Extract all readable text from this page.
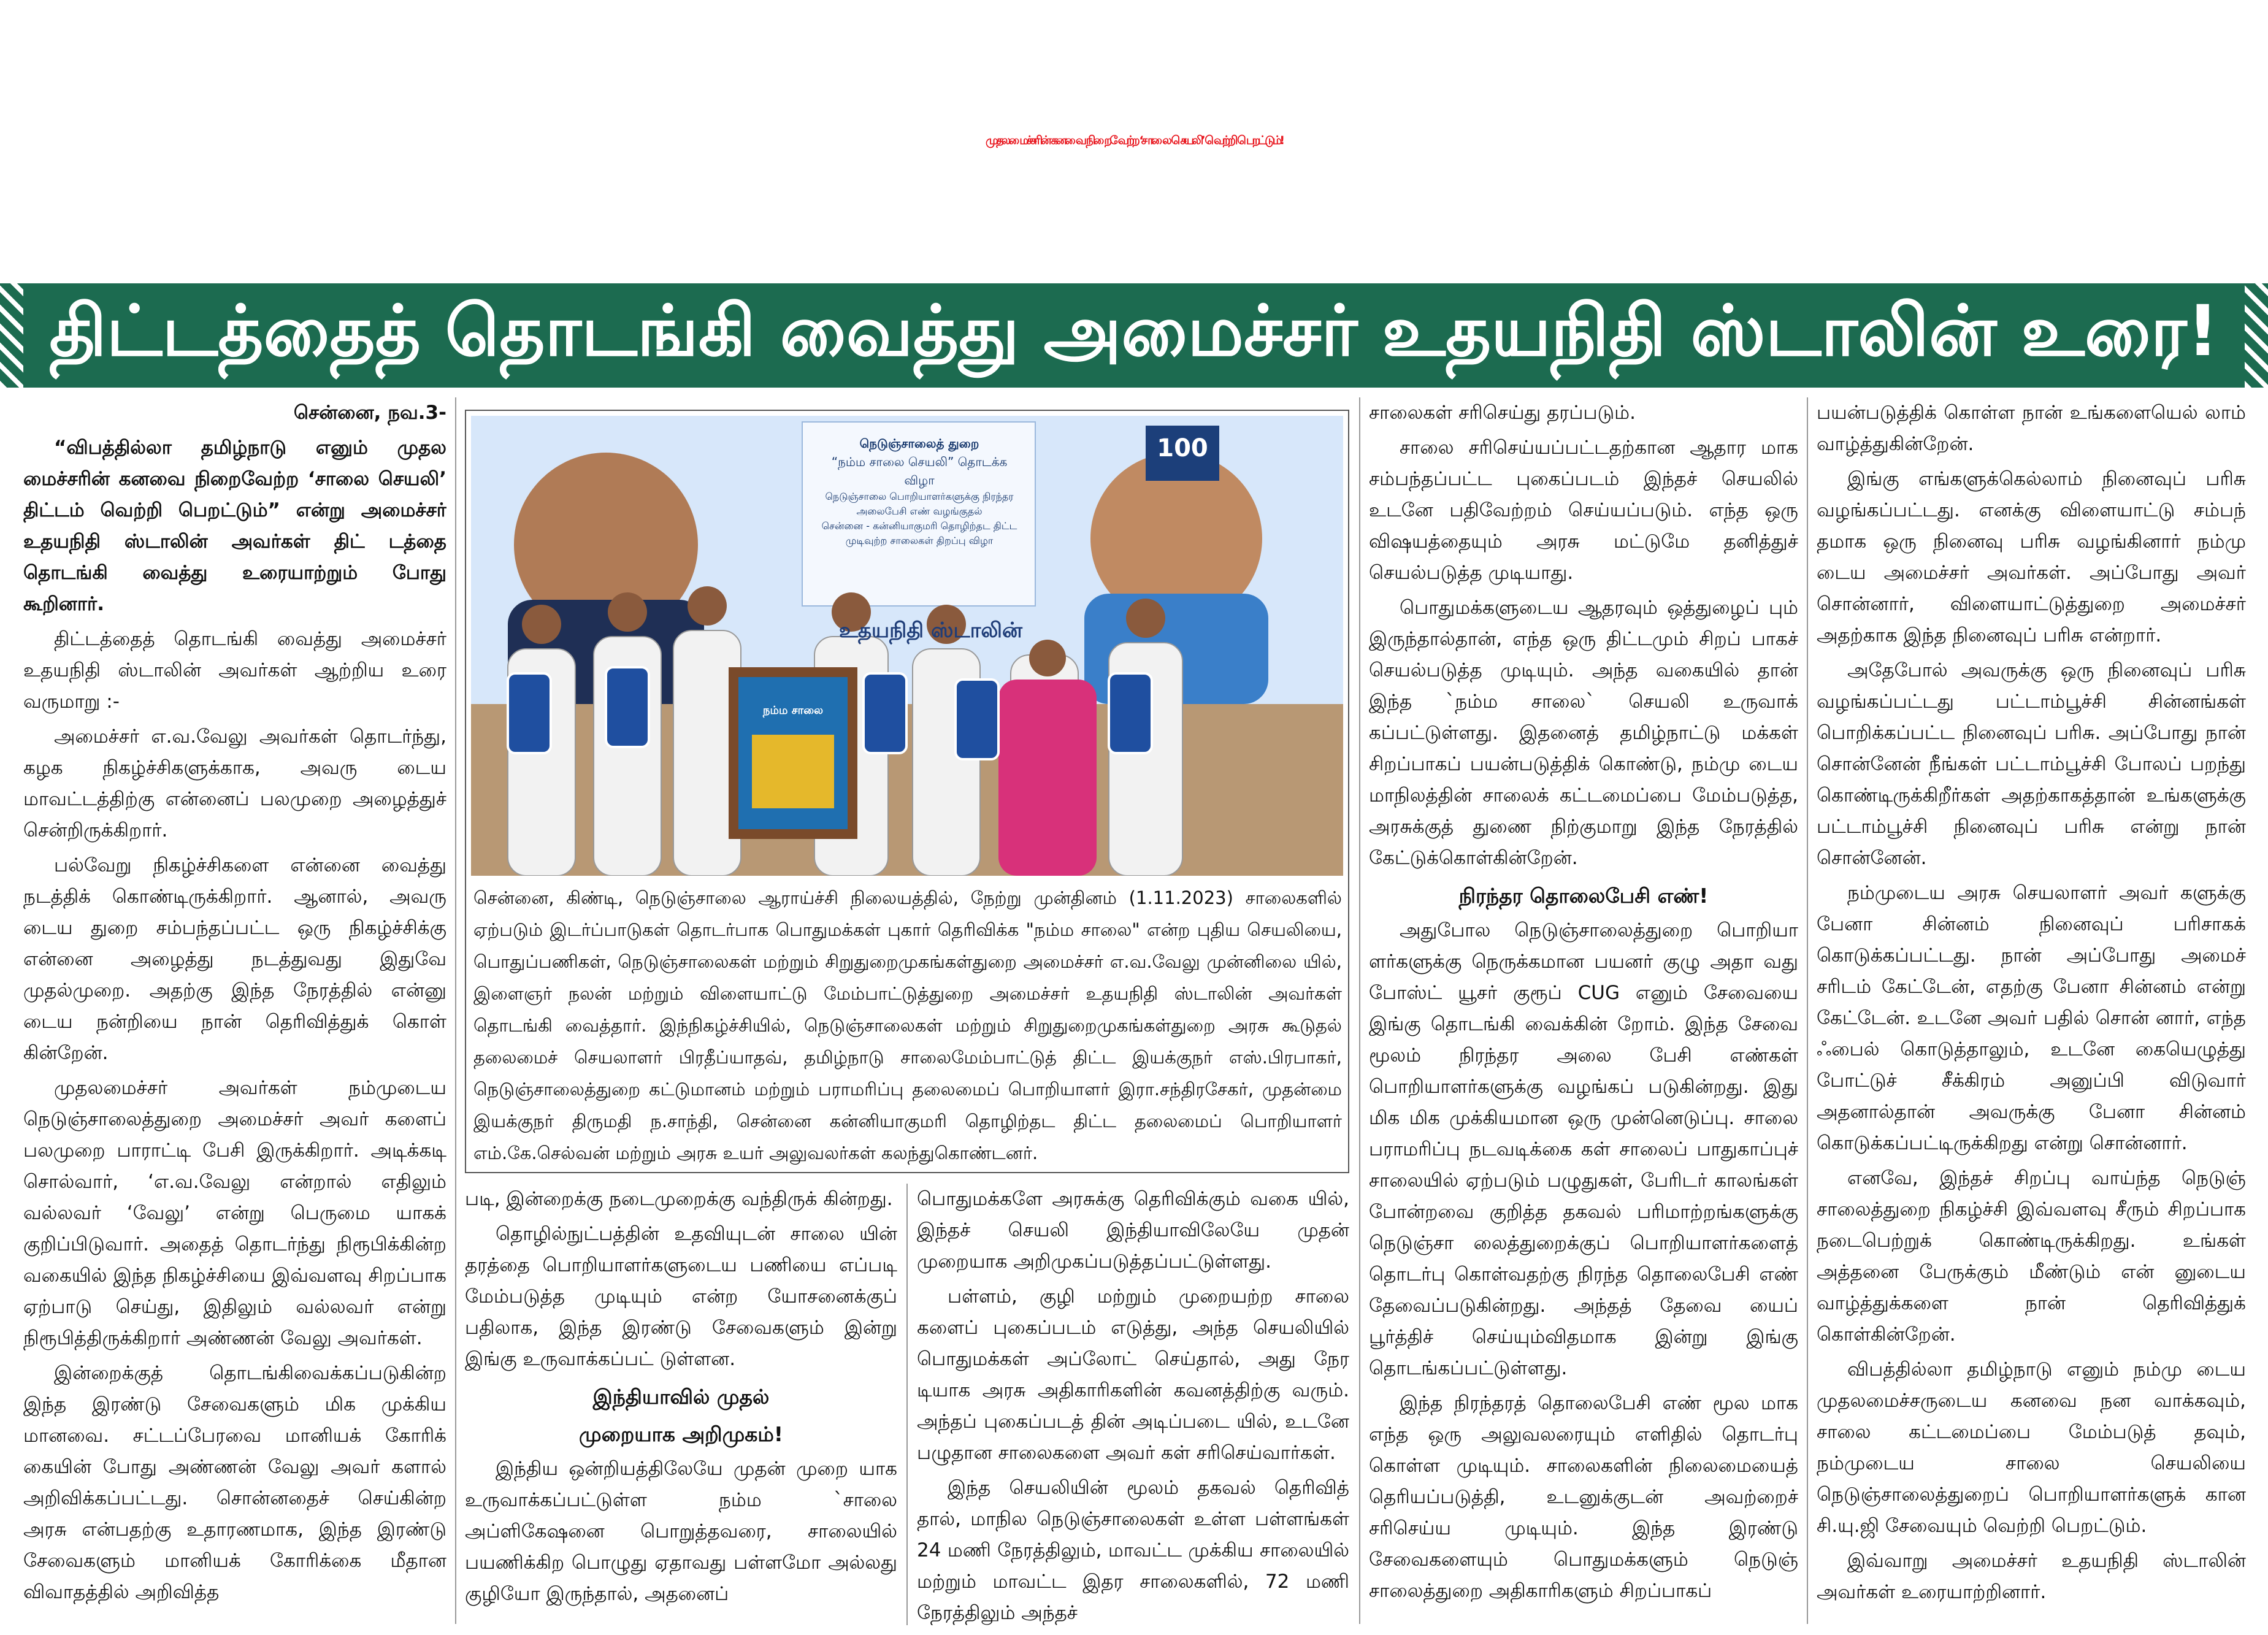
முதலமைச்சரின் கனவை நிறைவேற்ற ‘சாலை செயலி’ வெற்றி பெறட்டும்!
திட்டத்தைத் தொடங்கி வைத்து அமைச்சர் உதயநிதி ஸ்டாலின் உரை!

சென்னை, நவ.3-

“விபத்தில்லா தமிழ்நாடு எனும் முதல மைச்சரின் கனவை நிறைவேற்ற ‘சாலை செயலி’ திட்டம் வெற்றி பெறட்டும்” என்று அமைச்சர் உதயநிதி ஸ்டாலின் அவர்கள் திட் டத்தை தொடங்கி வைத்து உரையாற்றும் போது கூறினார்.

திட்டத்தைத் தொடங்கி வைத்து அமைச்சர் உதயநிதி ஸ்டாலின் அவர்கள் ஆற்றிய உரை வருமாறு :-

அமைச்சர் எ.வ.வேலு அவர்கள் தொடர்ந்து, கழக நிகழ்ச்சிகளுக்காக, அவரு டைய மாவட்டத்திற்கு என்னைப் பலமுறை அழைத்துச் சென்றிருக்கிறார்.

பல்வேறு நிகழ்ச்சிகளை என்னை வைத்து நடத்திக் கொண்டிருக்கிறார். ஆனால், அவரு டைய துறை சம்பந்தப்பட்ட ஒரு நிகழ்ச்சிக்கு என்னை அழைத்து நடத்துவது இதுவே முதல்முறை. அதற்கு இந்த நேரத்தில் என்னு டைய நன்றியை நான் தெரிவித்துக் கொள் கின்றேன்.

முதலமைச்சர் அவர்கள் நம்முடைய நெடுஞ்சாலைத்துறை அமைச்சர் அவர் களைப் பலமுறை பாராட்டி பேசி இருக்கிறார். அடிக்கடி சொல்வார், ‘எ.வ.வேலு என்றால் எதிலும் வல்லவர் ‘வேலு’ என்று பெருமை யாகக் குறிப்பிடுவார். அதைத் தொடர்ந்து நிரூபிக்கின்ற வகையில் இந்த நிகழ்ச்சியை இவ்வளவு சிறப்பாக ஏற்பாடு செய்து, இதிலும் வல்லவர் என்று நிரூபித்திருக்கிறார் அண்ணன் வேலு அவர்கள்.

இன்றைக்குத் தொடங்கிவைக்கப்படுகின்ற இந்த இரண்டு சேவைகளும் மிக முக்கிய மானவை. சட்டப்பேரவை மானியக் கோரிக் கையின் போது அண்ணன் வேலு அவர் களால் அறிவிக்கப்பட்டது. சொன்னதைச் செய்கின்ற அரசு என்பதற்கு உதாரணமாக, இந்த இரண்டு சேவைகளும் மானியக் கோரிக்கை மீதான விவாதத்தில் அறிவித்த

நெடுஞ்சாலைத் துறை
“நம்ம சாலை செயலி” தொடக்க விழா
நெடுஞ்சாலை பொறியாளர்களுக்கு நிரந்தர அலைபேசி எண் வழங்குதல்
சென்னை - கன்னியாகுமரி தொழிற்தட திட்ட முடிவுற்ற சாலைகள் திறப்பு விழா
உதயநிதி ஸ்டாலின்
100
நம்ம சாலை
சென்னை, கிண்டி, நெடுஞ்சாலை ஆராய்ச்சி நிலையத்தில், நேற்று முன்தினம் (1.11.2023) சாலைகளில் ஏற்படும் இடர்ப்பாடுகள் தொடர்பாக பொதுமக்கள் புகார் தெரிவிக்க "நம்ம சாலை" என்ற புதிய செயலியை, பொதுப்பணிகள், நெடுஞ்சாலைகள் மற்றும் சிறுதுறைமுகங்கள்துறை அமைச்சர் எ.வ.வேலு முன்னிலை யில், இளைஞர் நலன் மற்றும் விளையாட்டு மேம்பாட்டுத்துறை அமைச்சர் உதயநிதி ஸ்டாலின் அவர்கள் தொடங்கி வைத்தார். இந்நிகழ்ச்சியில், நெடுஞ்சாலைகள் மற்றும் சிறுதுறைமுகங்கள்துறை அரசு கூடுதல் தலைமைச் செயலாளர் பிரதீப்யாதவ், தமிழ்நாடு சாலைமேம்பாட்டுத் திட்ட இயக்குநர் எஸ்.பிரபாகர், நெடுஞ்சாலைத்துறை கட்டுமானம் மற்றும் பராமரிப்பு தலைமைப் பொறியாளர் இரா.சந்திரசேகர், முதன்மை இயக்குநர் திருமதி ந.சாந்தி, சென்னை கன்னியாகுமரி தொழிற்தட திட்ட தலைமைப் பொறியாளர் எம்.கே.செல்வன் மற்றும் அரசு உயர் அலுவலர்கள் கலந்துகொண்டனர்.

படி, இன்றைக்கு நடைமுறைக்கு வந்திருக் கின்றது.

தொழில்நுட்பத்தின் உதவியுடன் சாலை யின் தரத்தை பொறியாளர்களுடைய பணியை எப்படி மேம்படுத்த முடியும் என்ற யோசனைக்குப் பதிலாக, இந்த இரண்டு சேவைகளும் இன்று இங்கு உருவாக்கப்பட் டுள்ளன.

இந்தியாவில் முதல்

முறையாக அறிமுகம்!

இந்திய ஒன்றியத்திலேயே முதன் முறை யாக உருவாக்கப்பட்டுள்ள நம்ம `சாலை அப்ளிகேஷனை பொறுத்தவரை, சாலையில் பயணிக்கிற பொழுது ஏதாவது பள்ளமோ அல்லது குழியோ இருந்தால், அதனைப்

பொதுமக்களே அரசுக்கு தெரிவிக்கும் வகை யில், இந்தச் செயலி இந்தியாவிலேயே முதன் முறையாக அறிமுகப்படுத்தப்பட்டுள்ளது.

பள்ளம், குழி மற்றும் முறையற்ற சாலை களைப் புகைப்படம் எடுத்து, அந்த செயலியில் பொதுமக்கள் அப்லோட் செய்தால், அது நேர டியாக அரசு அதிகாரிகளின் கவனத்திற்கு வரும். அந்தப் புகைப்படத் தின் அடிப்படை யில், உடனே பழுதான சாலைகளை அவர் கள் சரிசெய்வார்கள்.

இந்த செயலியின் மூலம் தகவல் தெரிவித் தால், மாநில நெடுஞ்சாலைகள் உள்ள பள்ளங்கள் 24 மணி நேரத்திலும், மாவட்ட முக்கிய சாலையில் மற்றும் மாவட்ட இதர சாலைகளில், 72 மணி நேரத்திலும் அந்தச்

சாலைகள் சரிசெய்து தரப்படும்.

சாலை சரிசெய்யப்பட்டதற்கான ஆதார மாக சம்பந்தப்பட்ட புகைப்படம் இந்தச் செயலில் உடனே பதிவேற்றம் செய்யப்படும். எந்த ஒரு விஷயத்தையும் அரசு மட்டுமே தனித்துச் செயல்படுத்த முடியாது.

பொதுமக்களுடைய ஆதரவும் ஒத்துழைப் பும் இருந்தால்தான், எந்த ஒரு திட்டமும் சிறப் பாகச் செயல்படுத்த முடியும். அந்த வகையில் தான் இந்த `நம்ம சாலை` செயலி உருவாக் கப்பட்டுள்ளது. இதனைத் தமிழ்நாட்டு மக்கள் சிறப்பாகப் பயன்படுத்திக் கொண்டு, நம்மு டைய மாநிலத்தின் சாலைக் கட்டமைப்பை மேம்படுத்த, அரசுக்குத் துணை நிற்குமாறு இந்த நேரத்தில் கேட்டுக்கொள்கின்றேன்.

நிரந்தர தொலைபேசி எண்!

அதுபோல நெடுஞ்சாலைத்துறை பொறியா ளர்களுக்கு நெருக்கமான பயனர் குழு அதா வது போஸ்ட் யூசர் குரூப் CUG எனும் சேவையை இங்கு தொடங்கி வைக்கின் றோம். இந்த சேவை மூலம் நிரந்தர அலை பேசி எண்கள் பொறியாளர்களுக்கு வழங்கப் படுகின்றது. இது மிக மிக முக்கியமான ஒரு முன்னெடுப்பு. சாலை பராமரிப்பு நடவடிக்கை கள் சாலைப் பாதுகாப்புச் சாலையில் ஏற்படும் பழுதுகள், பேரிடர் காலங்கள் போன்றவை குறித்த தகவல் பரிமாற்றங்களுக்கு நெடுஞ்சா லைத்துறைக்குப் பொறியாளர்களைத் தொடர்பு கொள்வதற்கு நிரந்த தொலைபேசி எண் தேவைப்படுகின்றது. அந்தத் தேவை யைப் பூர்த்திச் செய்யும்விதமாக இன்று இங்கு தொடங்கப்பட்டுள்ளது.

இந்த நிரந்தரத் தொலைபேசி எண் மூல மாக எந்த ஒரு அலுவலரையும் எளிதில் தொடர்பு கொள்ள முடியும். சாலைகளின் நிலைமையைத் தெரியப்படுத்தி, உடனுக்குடன் அவற்றைச் சரிசெய்ய முடியும். இந்த இரண்டு சேவைகளையும் பொதுமக்களும் நெடுஞ் சாலைத்துறை அதிகாரிகளும் சிறப்பாகப்

பயன்படுத்திக் கொள்ள நான் உங்களையெல் லாம் வாழ்த்துகின்றேன்.

இங்கு எங்களுக்கெல்லாம் நினைவுப் பரிசு வழங்கப்பட்டது. எனக்கு விளையாட்டு சம்பந் தமாக ஒரு நினைவு பரிசு வழங்கினார் நம்மு டைய அமைச்சர் அவர்கள். அப்போது அவர் சொன்னார், விளையாட்டுத்துறை அமைச்சர் அதற்காக இந்த நினைவுப் பரிசு என்றார்.

அதேபோல் அவருக்கு ஒரு நினைவுப் பரிசு வழங்கப்பட்டது பட்டாம்பூச்சி சின்னங்கள் பொறிக்கப்பட்ட நினைவுப் பரிசு. அப்போது நான் சொன்னேன் நீங்கள் பட்டாம்பூச்சி போலப் பறந்து கொண்டிருக்கிறீர்கள் அதற்காகத்தான் உங்களுக்கு பட்டாம்பூச்சி நினைவுப் பரிசு என்று நான் சொன்னேன்.

நம்முடைய அரசு செயலாளர் அவர் களுக்கு பேனா சின்னம் நினைவுப் பரிசாகக் கொடுக்கப்பட்டது. நான் அப்போது அமைச் சரிடம் கேட்டேன், எதற்கு பேனா சின்னம் என்று கேட்டேன். உடனே அவர் பதில் சொன் னார், எந்த ஃபைல் கொடுத்தாலும், உடனே கையெழுத்து போட்டுச் சீக்கிரம் அனுப்பி விடுவார் அதனால்தான் அவருக்கு பேனா சின்னம் கொடுக்கப்பட்டிருக்கிறது என்று சொன்னார்.

எனவே, இந்தச் சிறப்பு வாய்ந்த நெடுஞ் சாலைத்துறை நிகழ்ச்சி இவ்வளவு சீரும் சிறப்பாக நடைபெற்றுக் கொண்டிருக்கிறது. உங்கள் அத்தனை பேருக்கும் மீண்டும் என் னுடைய வாழ்த்துக்களை நான் தெரிவித்துக் கொள்கின்றேன்.

விபத்தில்லா தமிழ்நாடு எனும் நம்மு டைய முதலமைச்சருடைய கனவை நன வாக்கவும், சாலை கட்டமைப்பை மேம்படுத் தவும், நம்முடைய சாலை செயலியை நெடுஞ்சாலைத்துறைப் பொறியாளர்களுக் கான சி.யு.ஜி சேவையும் வெற்றி பெறட்டும்.

இவ்வாறு அமைச்சர் உதயநிதி ஸ்டாலின் அவர்கள் உரையாற்றினார்.
